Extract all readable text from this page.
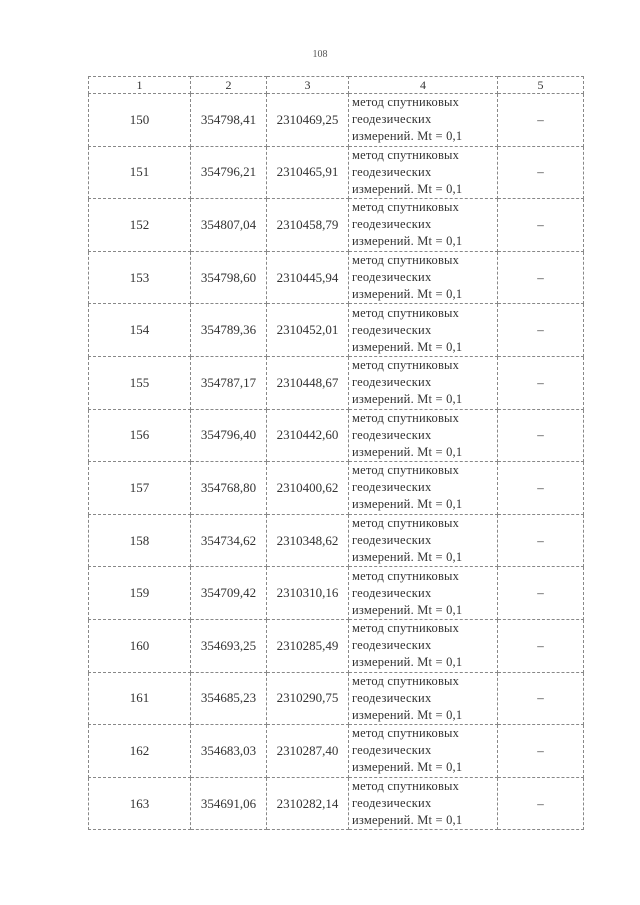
108
1	2	3	4	5
150	354798,41	2310469,25	метод спутниковых
геодезических
измерений. Mt = 0,1	–
151	354796,21	2310465,91	метод спутниковых
геодезических
измерений. Mt = 0,1	–
152	354807,04	2310458,79	метод спутниковых
геодезических
измерений. Mt = 0,1	–
153	354798,60	2310445,94	метод спутниковых
геодезических
измерений. Mt = 0,1	–
154	354789,36	2310452,01	метод спутниковых
геодезических
измерений. Mt = 0,1	–
155	354787,17	2310448,67	метод спутниковых
геодезических
измерений. Mt = 0,1	–
156	354796,40	2310442,60	метод спутниковых
геодезических
измерений. Mt = 0,1	–
157	354768,80	2310400,62	метод спутниковых
геодезических
измерений. Mt = 0,1	–
158	354734,62	2310348,62	метод спутниковых
геодезических
измерений. Mt = 0,1	–
159	354709,42	2310310,16	метод спутниковых
геодезических
измерений. Mt = 0,1	–
160	354693,25	2310285,49	метод спутниковых
геодезических
измерений. Mt = 0,1	–
161	354685,23	2310290,75	метод спутниковых
геодезических
измерений. Mt = 0,1	–
162	354683,03	2310287,40	метод спутниковых
геодезических
измерений. Mt = 0,1	–
163	354691,06	2310282,14	метод спутниковых
геодезических
измерений. Mt = 0,1	–
